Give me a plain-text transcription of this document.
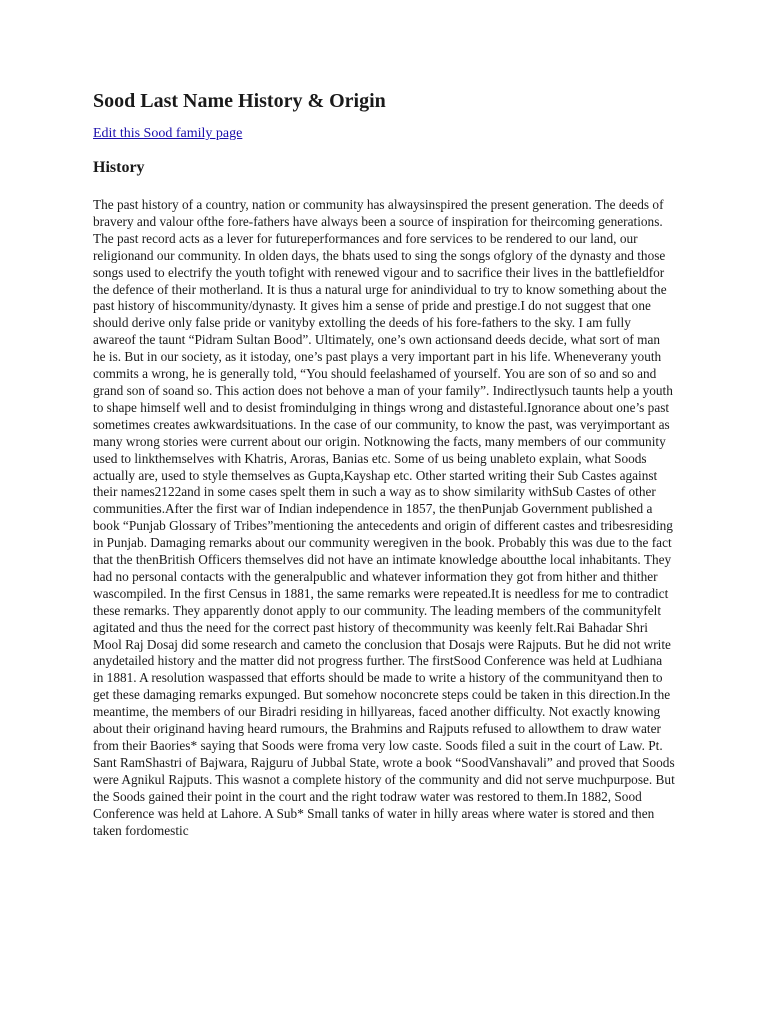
Sood Last Name History & Origin
Edit this Sood family page
History

The past history of a country, nation or community has alwaysinspired the present generation. The deeds of bravery and valour ofthe fore-fathers have always been a source of inspiration for theircoming generations. The past record acts as a lever for futureperformances and fore services to be rendered to our land, our religionand our community. In olden days, the bhats used to sing the songs ofglory of the dynasty and those songs used to electrify the youth tofight with renewed vigour and to sacrifice their lives in the battlefieldfor the defence of their motherland. It is thus a natural urge for anindividual to try to know something about the past history of hiscommunity/dynasty. It gives him a sense of pride and prestige.I do not suggest that one should derive only false pride or vanityby extolling the deeds of his fore-fathers to the sky. I am fully awareof the taunt “Pidram Sultan Bood”. Ultimately, one’s own actionsand deeds decide, what sort of man he is. But in our society, as it istoday, one’s past plays a very important part in his life. Wheneverany youth commits a wrong, he is generally told, “You should feelashamed of yourself. You are son of so and so and grand son of soand so. This action does not behove a man of your family”. Indirectlysuch taunts help a youth to shape himself well and to desist fromindulging in things wrong and distasteful.Ignorance about one’s past sometimes creates awkwardsituations. In the case of our community, to know the past, was veryimportant as many wrong stories were current about our origin. Notknowing the facts, many members of our community used to linkthemselves with Khatris, Aroras, Banias etc. Some of us being unableto explain, what Soods actually are, used to style themselves as Gupta,Kayshap etc. Other started writing their Sub Castes against their names2122and in some cases spelt them in such a way as to show similarity withSub Castes of other communities.After the first war of Indian independence in 1857, the thenPunjab Government published a book “Punjab Glossary of Tribes”mentioning the antecedents and origin of different castes and tribesresiding in Punjab. Damaging remarks about our community weregiven in the book. Probably this was due to the fact that the thenBritish Officers themselves did not have an intimate knowledge aboutthe local inhabitants. They had no personal contacts with the generalpublic and whatever information they got from hither and thither wascompiled. In the first Census in 1881, the same remarks were repeated.It is needless for me to contradict these remarks. They apparently donot apply to our community. The leading members of the communityfelt agitated and thus the need for the correct past history of thecommunity was keenly felt.Rai Bahadar Shri Mool Raj Dosaj did some research and cameto the conclusion that Dosajs were Rajputs. But he did not write anydetailed history and the matter did not progress further. The firstSood Conference was held at Ludhiana in 1881. A resolution waspassed that efforts should be made to write a history of the communityand then to get these damaging remarks expunged. But somehow noconcrete steps could be taken in this direction.In the meantime, the members of our Biradri residing in hillyareas, faced another difficulty. Not exactly knowing about their originand having heard rumours, the Brahmins and Rajputs refused to allowthem to draw water from their Baories* saying that Soods were froma very low caste. Soods filed a suit in the court of Law. Pt. Sant RamShastri of Bajwara, Rajguru of Jubbal State, wrote a book “SoodVanshavali” and proved that Soods were Agnikul Rajputs. This wasnot a complete history of the community and did not serve muchpurpose. But the Soods gained their point in the court and the right todraw water was restored to them.In 1882, Sood Conference was held at Lahore. A Sub* Small tanks of water in hilly areas where water is stored and then taken fordomestic
